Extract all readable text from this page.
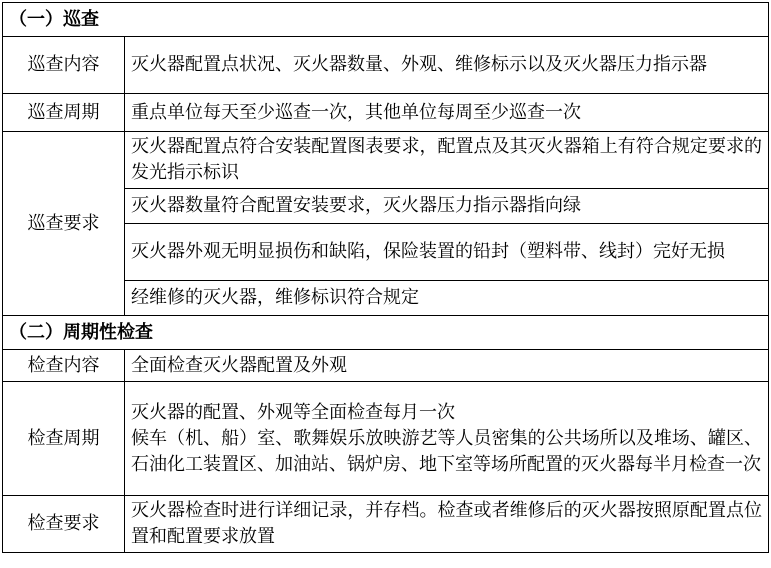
（一）巡查	
巡查内容	灭火器配置点状况、灭火器数量、外观、维修标示以及灭火器压力指示器
巡查周期	重点单位每天至少巡查一次，其他单位每周至少巡查一次
巡查要求	灭火器配置点符合安装配置图表要求，配置点及其灭火器箱上有符合规定要求的发光指示标识
	灭火器数量符合配置安装要求，灭火器压力指示器指向绿
	灭火器外观无明显损伤和缺陷，保险装置的铅封（塑料带、线封）完好无损
	经维修的灭火器，维修标识符合规定
（二）周期性检查	
检查内容	全面检查灭火器配置及外观
检查周期	灭火器的配置、外观等全面检查每月一次
候车（机、船）室、歌舞娱乐放映游艺等人员密集的公共场所以及堆场、罐区、石油化工装置区、加油站、锅炉房、地下室等场所配置的灭火器每半月检查一次

检查要求	灭火器检查时进行详细记录，并存档。检查或者维修后的灭火器按照原配置点位置和配置要求放置
